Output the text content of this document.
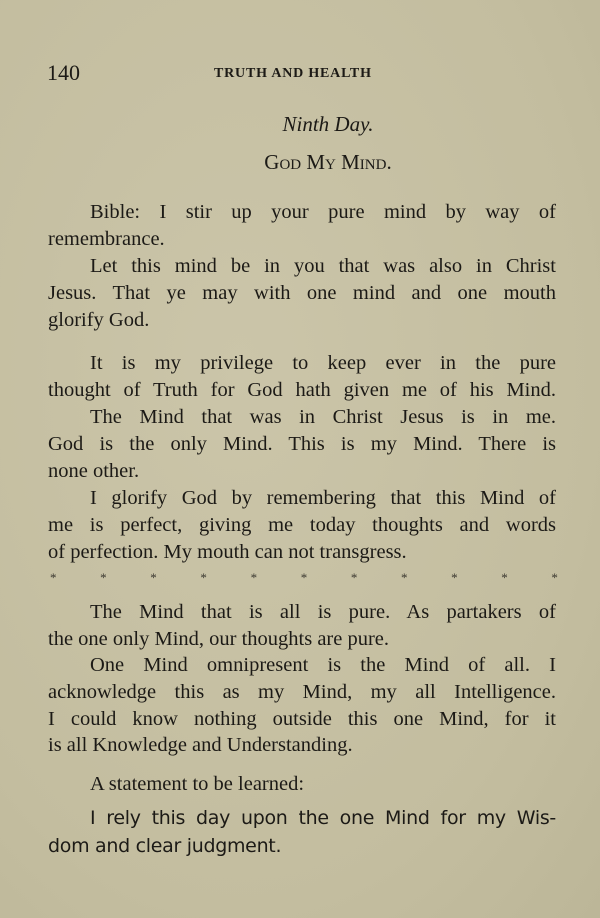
140	TRUTH AND HEALTH
Ninth Day.
God My Mind.
Bible: I stir up your pure mind by way of
remembrance.
Let this mind be in you that was also in Christ
Jesus. That ye may with one mind and one mouth
glorify God.
It is my privilege to keep ever in the pure
thought of Truth for God hath given me of his Mind.
The Mind that was in Christ Jesus is in me.
God is the only Mind. This is my Mind. There is
none other.
I glorify God by remembering that this Mind of
me is perfect, giving me today thoughts and words
of perfection. My mouth can not transgress.
*	*	*	*	*	*	*	*	*	*	*
The Mind that is all is pure. As partakers of
the one only Mind, our thoughts are pure.
One Mind omnipresent is the Mind of all. I
acknowledge this as my Mind, my all Intelligence.
I could know nothing outside this one Mind, for it
is all Knowledge and Understanding.
A statement to be learned:
I rely this day upon the one Mind for my Wis-
dom and clear judgment.
